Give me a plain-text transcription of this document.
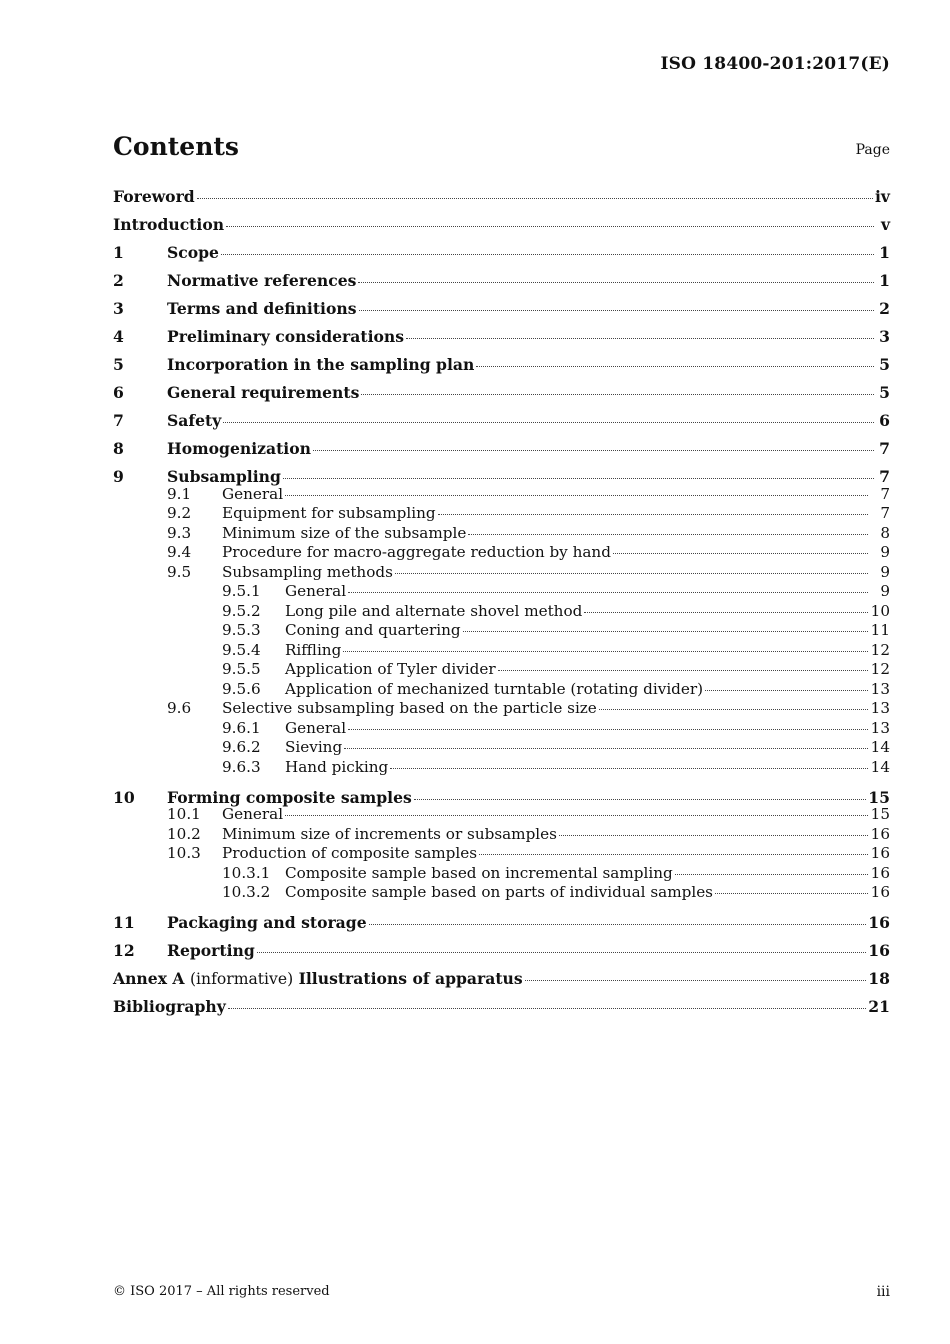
ISO 18400-201:2017(E)
Contents	Page
Foreword	iv
Introduction	v
1	Scope	1
2	Normative references	1
3	Terms and definitions	2
4	Preliminary considerations	3
5	Incorporation in the sampling plan	5
6	General requirements	5
7	Safety	6
8	Homogenization	7
9	Subsampling	7
9.1 General	7
9.2 Equipment for subsampling	7
9.3 Minimum size of the subsample	8
9.4 Procedure for macro-aggregate reduction by hand	9
9.5 Subsampling methods	9
9.5.1 General	9
9.5.2 Long pile and alternate shovel method	10
9.5.3 Coning and quartering	11
9.5.4 Riffling	12
9.5.5 Application of Tyler divider	12
9.5.6 Application of mechanized turntable (rotating divider)	13
9.6 Selective subsampling based on the particle size	13
9.6.1 General	13
9.6.2 Sieving	14
9.6.3 Hand picking	14
10 Forming composite samples	15
10.1 General	15
10.2 Minimum size of increments or subsamples	16
10.3 Production of composite samples	16
10.3.1 Composite sample based on incremental sampling	16
10.3.2 Composite sample based on parts of individual samples	16
11 Packaging and storage	16
12 Reporting	16
Annex A (informative) Illustrations of apparatus	18
Bibliography	21
© ISO 2017 – All rights reserved	iii
